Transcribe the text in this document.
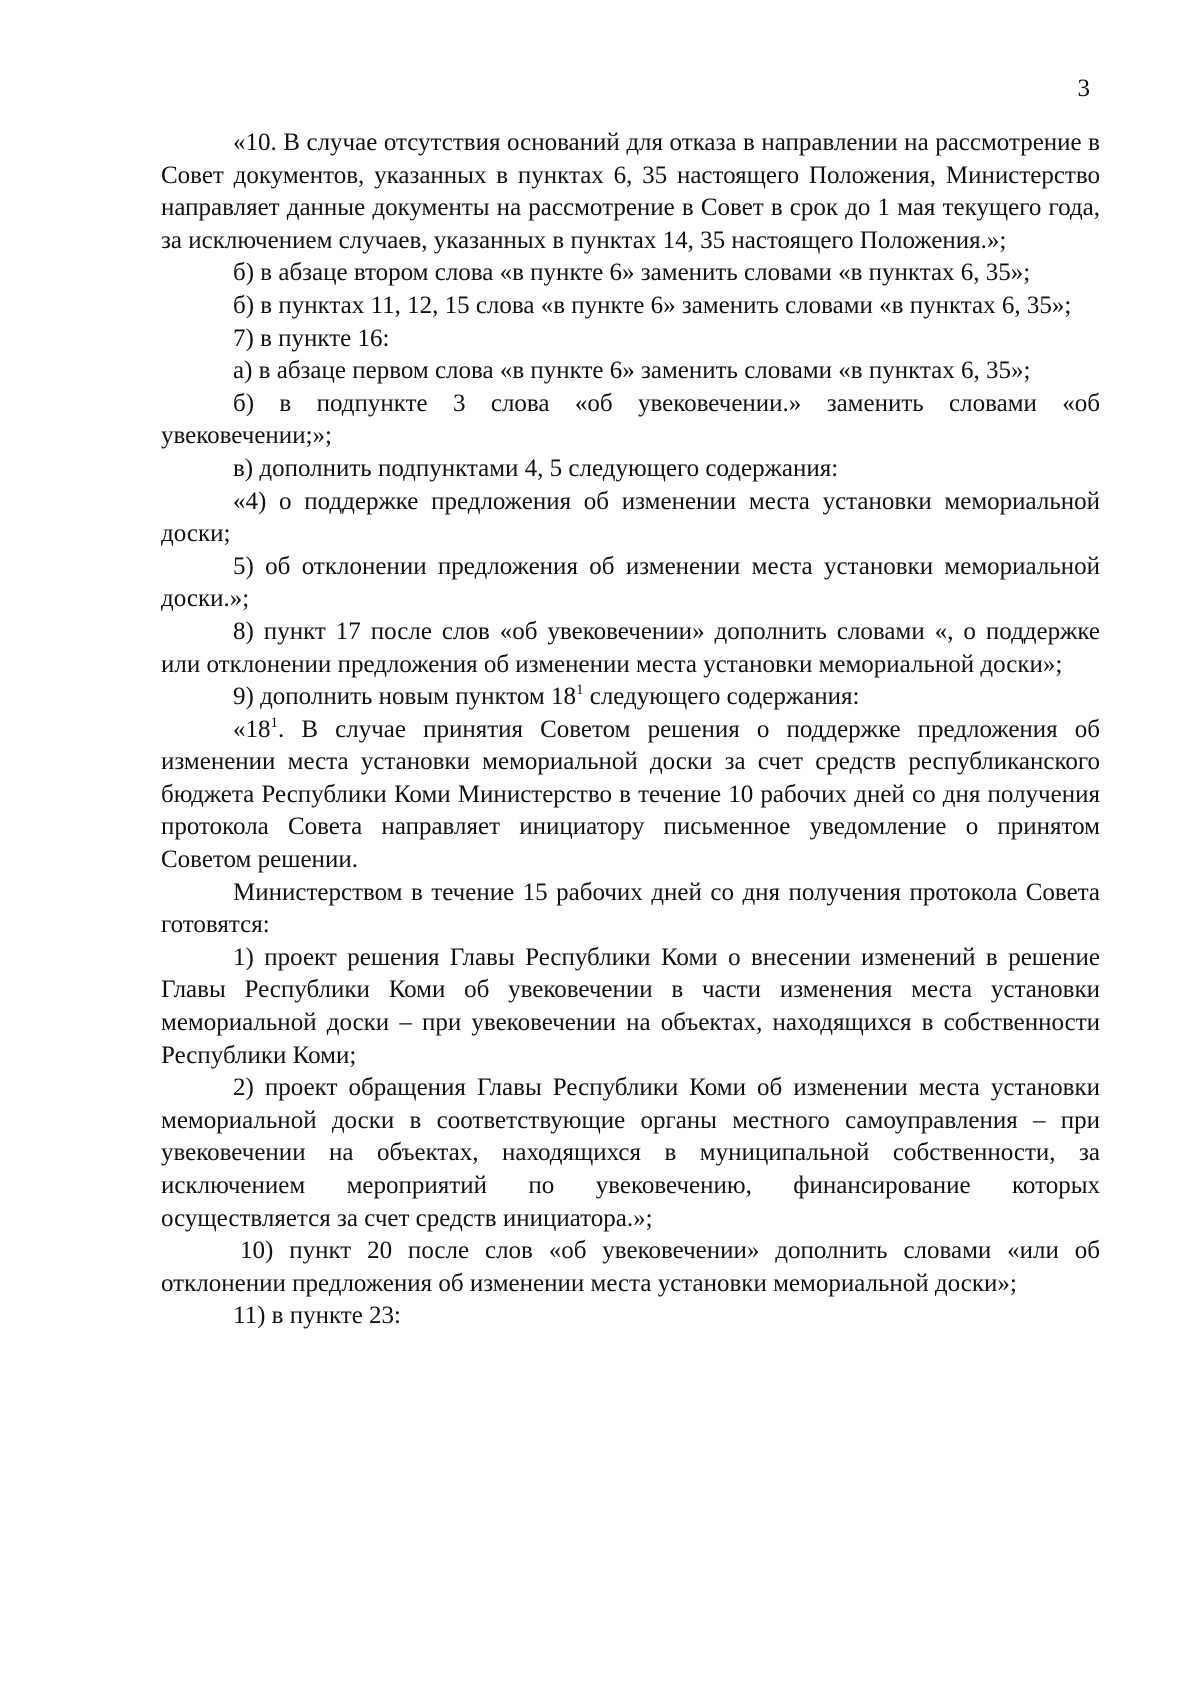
3

«10. В случае отсутствия оснований для отказа в направлении на рассмотрение в Совет документов, указанных в пунктах 6, 35 настоящего Положения, Министерство направляет данные документы на рассмотрение в Совет в срок до 1 мая текущего года, за исключением случаев, указанных в пунктах 14, 35 настоящего Положения.»;

б) в абзаце втором слова «в пункте 6» заменить словами «в пунктах 6, 35»;

б) в пунктах 11, 12, 15 слова «в пункте 6» заменить словами «в пунктах 6, 35»;

7) в пункте 16:

а) в абзаце первом слова «в пункте 6» заменить словами «в пунктах 6, 35»;

б) в подпункте 3 слова «об увековечении.» заменить словами «об увековечении;»;

в) дополнить подпунктами 4, 5 следующего содержания:

«4) о поддержке предложения об изменении места установки мемориальной доски;

5) об отклонении предложения об изменении места установки мемориальной доски.»;

8) пункт 17 после слов «об увековечении» дополнить словами «, о поддержке или отклонении предложения об изменении места установки мемориальной доски»;

9) дополнить новым пунктом $18^1$ следующего содержания:

«$18^1$. В случае принятия Советом решения о поддержке предложения об изменении места установки мемориальной доски за счет средств республиканского бюджета Республики Коми Министерство в течение 10 рабочих дней со дня получения протокола Совета направляет инициатору письменное уведомление о принятом Советом решении.

Министерством в течение 15 рабочих дней со дня получения протокола Совета готовятся:

1) проект решения Главы Республики Коми о внесении изменений в решение Главы Республики Коми об увековечении в части изменения места установки мемориальной доски – при увековечении на объектах, находящихся в собственности Республики Коми;

2) проект обращения Главы Республики Коми об изменении места установки мемориальной доски в соответствующие органы местного самоуправления – при увековечении на объектах, находящихся в муниципальной собственности, за исключением мероприятий по увековечению, финансирование которых осуществляется за счет средств инициатора.»;

10) пункт 20 после слов «об увековечении» дополнить словами «или об отклонении предложения об изменении места установки мемориальной доски»;

11) в пункте 23:
